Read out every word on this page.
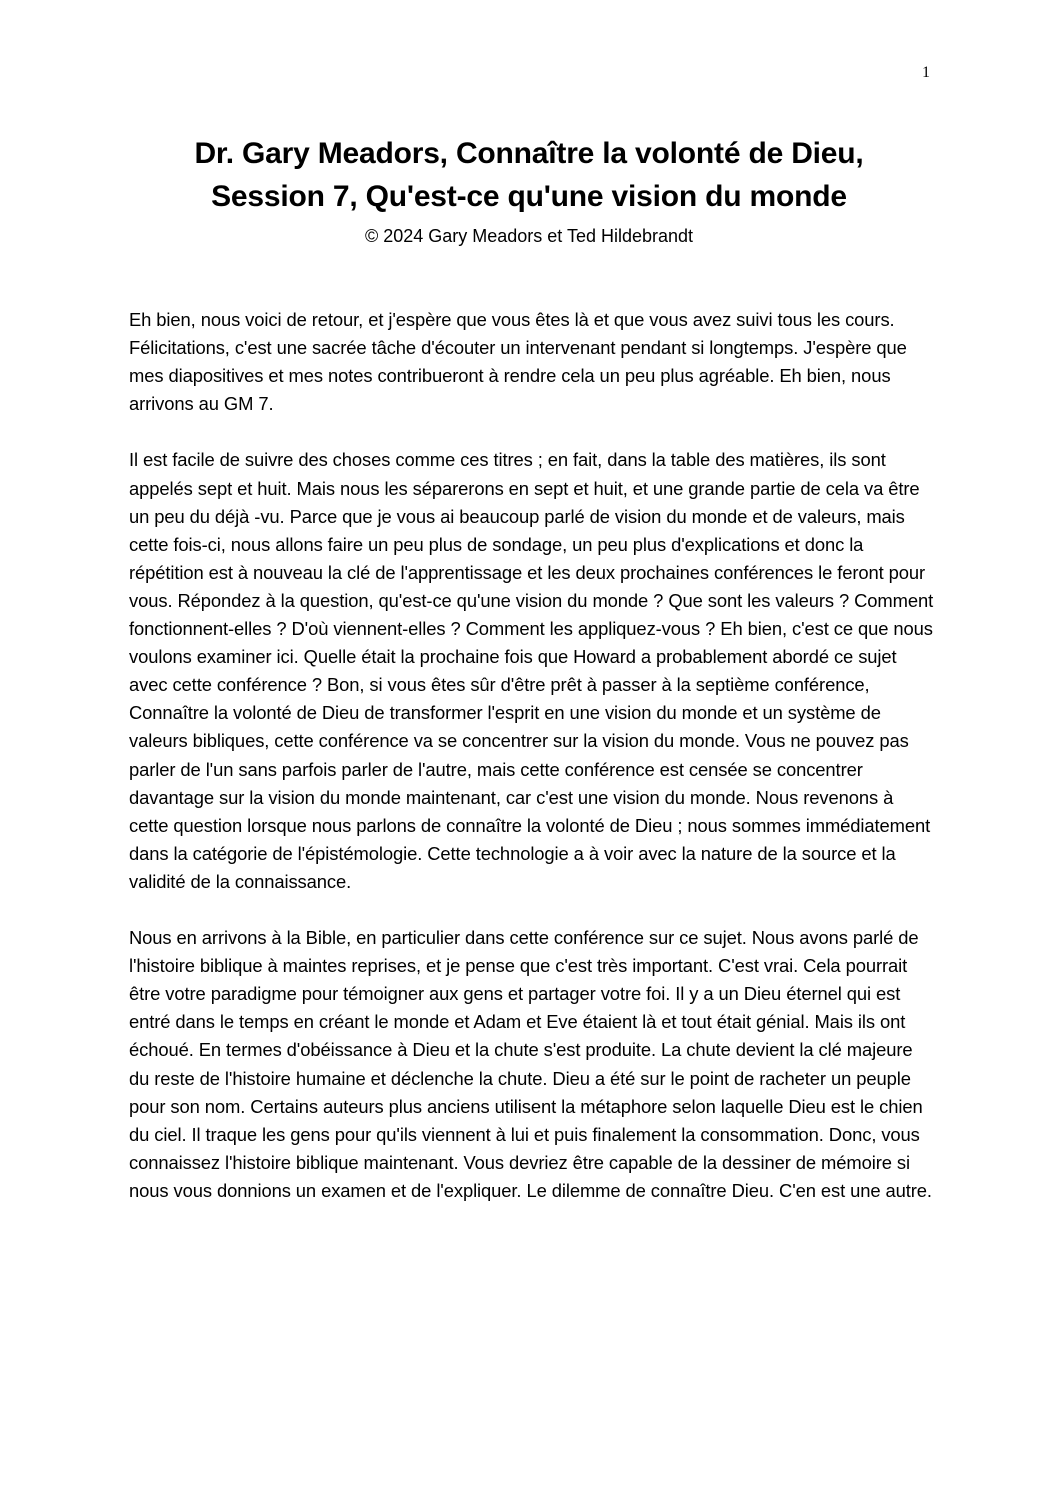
1
Dr. Gary Meadors, Connaître la volonté de Dieu,
Session 7, Qu'est-ce qu'une vision du monde
© 2024 Gary Meadors et Ted Hildebrandt

Eh bien, nous voici de retour, et j'espère que vous êtes là et que vous avez suivi tous les cours. Félicitations, c'est une sacrée tâche d'écouter un intervenant pendant si longtemps. J'espère que mes diapositives et mes notes contribueront à rendre cela un peu plus agréable. Eh bien, nous arrivons au GM 7.

Il est facile de suivre des choses comme ces titres ; en fait, dans la table des matières, ils sont appelés sept et huit. Mais nous les séparerons en sept et huit, et une grande partie de cela va être un peu du déjà -vu. Parce que je vous ai beaucoup parlé de vision du monde et de valeurs, mais cette fois-ci, nous allons faire un peu plus de sondage, un peu plus d'explications et donc la répétition est à nouveau la clé de l'apprentissage et les deux prochaines conférences le feront pour vous. Répondez à la question, qu'est-ce qu'une vision du monde ? Que sont les valeurs ? Comment fonctionnent-elles ? D'où viennent-elles ? Comment les appliquez-vous ? Eh bien, c'est ce que nous voulons examiner ici. Quelle était la prochaine fois que Howard a probablement abordé ce sujet avec cette conférence ? Bon, si vous êtes sûr d'être prêt à passer à la septième conférence, Connaître la volonté de Dieu de transformer l'esprit en une vision du monde et un système de valeurs bibliques, cette conférence va se concentrer sur la vision du monde. Vous ne pouvez pas parler de l'un sans parfois parler de l'autre, mais cette conférence est censée se concentrer davantage sur la vision du monde maintenant, car c'est une vision du monde. Nous revenons à cette question lorsque nous parlons de connaître la volonté de Dieu ; nous sommes immédiatement dans la catégorie de l'épistémologie. Cette technologie a à voir avec la nature de la source et la validité de la connaissance.

Nous en arrivons à la Bible, en particulier dans cette conférence sur ce sujet. Nous avons parlé de l'histoire biblique à maintes reprises, et je pense que c'est très important. C'est vrai. Cela pourrait être votre paradigme pour témoigner aux gens et partager votre foi. Il y a un Dieu éternel qui est entré dans le temps en créant le monde et Adam et Eve étaient là et tout était génial. Mais ils ont échoué. En termes d'obéissance à Dieu et la chute s'est produite. La chute devient la clé majeure du reste de l'histoire humaine et déclenche la chute. Dieu a été sur le point de racheter un peuple pour son nom. Certains auteurs plus anciens utilisent la métaphore selon laquelle Dieu est le chien du ciel. Il traque les gens pour qu'ils viennent à lui et puis finalement la consommation. Donc, vous connaissez l'histoire biblique maintenant. Vous devriez être capable de la dessiner de mémoire si nous vous donnions un examen et de l'expliquer. Le dilemme de connaître Dieu. C'en est une autre.
